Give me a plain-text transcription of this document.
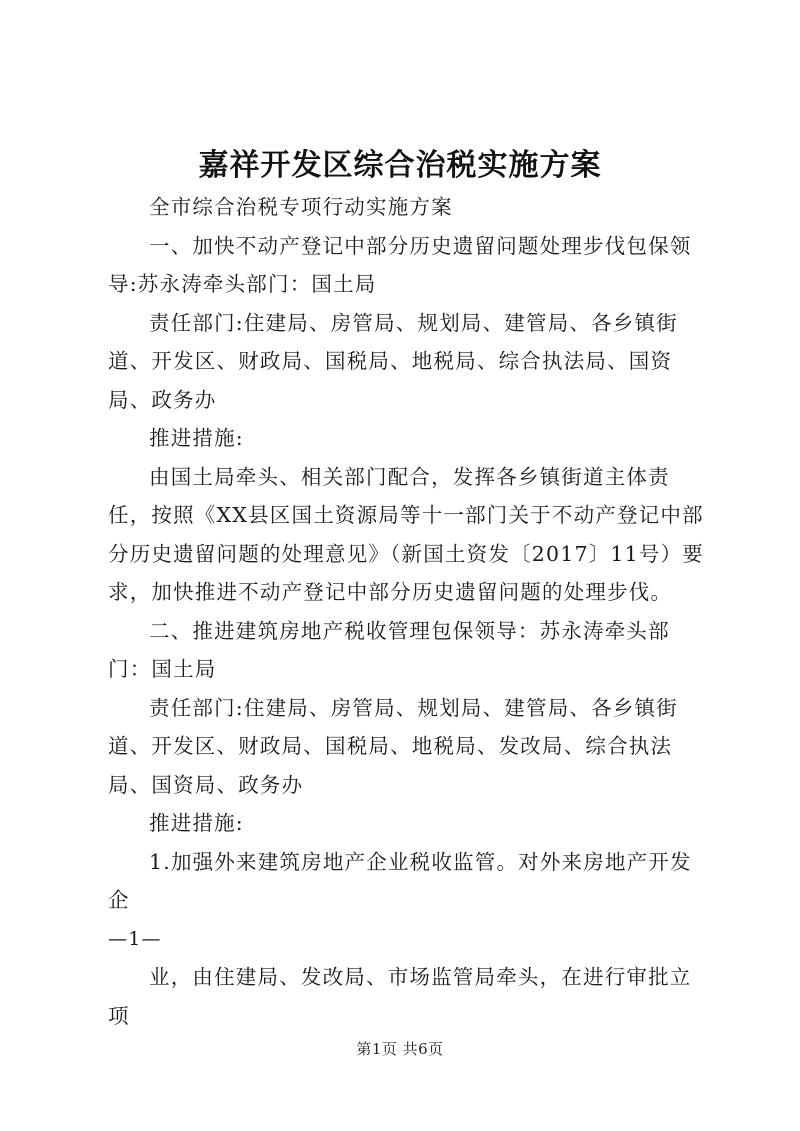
嘉祥开发区综合治税实施方案

全市综合治税专项行动实施方案

一、加快不动产登记中部分历史遗留问题处理步伐包保领导:苏永涛牵头部门：国土局

责任部门:住建局、房管局、规划局、建管局、各乡镇街道、开发区、财政局、国税局、地税局、综合执法局、国资局、政务办

推进措施:

由国土局牵头、相关部门配合，发挥各乡镇街道主体责任，按照《XX县区国土资源局等十一部门关于不动产登记中部分历史遗留问题的处理意见》（新国土资发〔2017〕11号）要求，加快推进不动产登记中部分历史遗留问题的处理步伐。

二、推进建筑房地产税收管理包保领导：苏永涛牵头部门：国土局

责任部门:住建局、房管局、规划局、建管局、各乡镇街道、开发区、财政局、国税局、地税局、发改局、综合执法局、国资局、政务办

推进措施:

1.加强外来建筑房地产企业税收监管。对外来房地产开发企

—1—

业，由住建局、发改局、市场监管局牵头，在进行审批立项

第1页 共6页
